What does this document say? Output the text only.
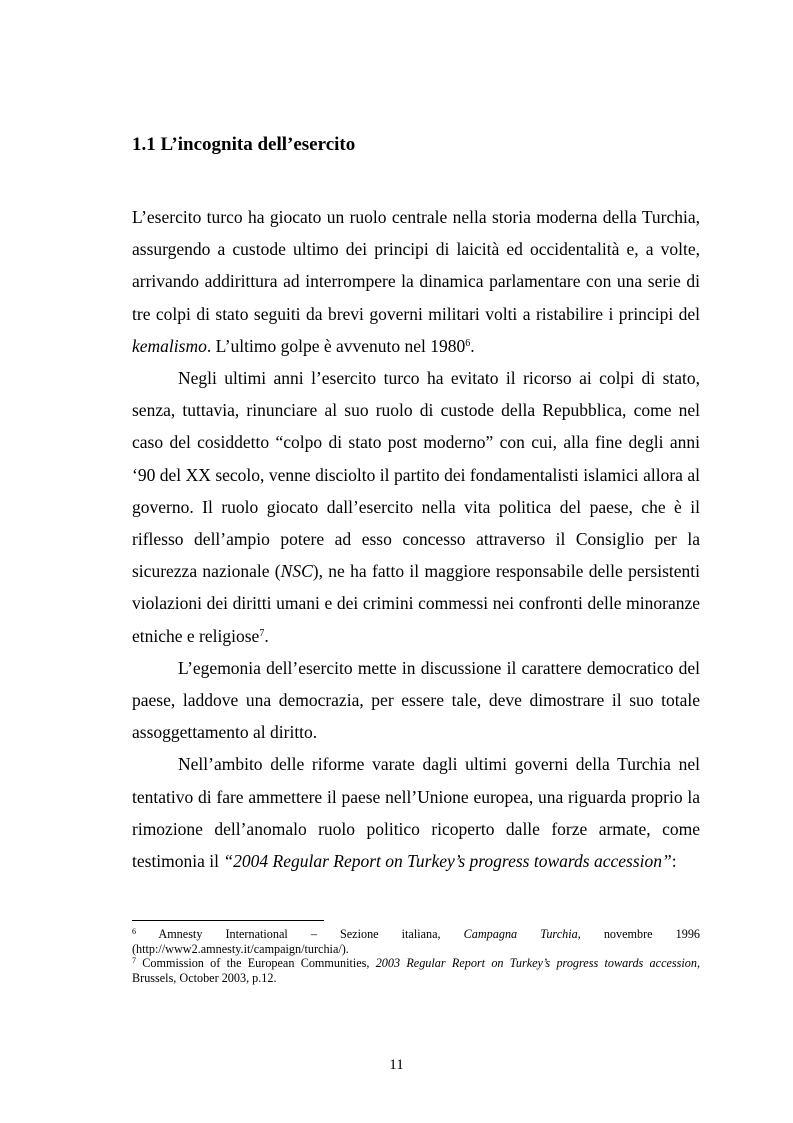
1.1 L’incognita dell’esercito

L’esercito turco ha giocato un ruolo centrale nella storia moderna della Turchia, assurgendo a custode ultimo dei principi di laicità ed occidentalità e, a volte, arrivando addirittura ad interrompere la dinamica parlamentare con una serie di tre colpi di stato seguiti da brevi governi militari volti a ristabilire i principi del kemalismo. L’ultimo golpe è avvenuto nel 1980$^6$.

Negli ultimi anni l’esercito turco ha evitato il ricorso ai colpi di stato, senza, tuttavia, rinunciare al suo ruolo di custode della Repubblica, come nel caso del cosiddetto “colpo di stato post moderno” con cui, alla fine degli anni ‘90 del XX secolo, venne disciolto il partito dei fondamentalisti islamici allora al governo. Il ruolo giocato dall’esercito nella vita politica del paese, che è il riflesso dell’ampio potere ad esso concesso attraverso il Consiglio per la sicurezza nazionale (NSC), ne ha fatto il maggiore responsabile delle persistenti violazioni dei diritti umani e dei crimini commessi nei confronti delle minoranze etniche e religiose$^7$.

L’egemonia dell’esercito mette in discussione il carattere democratico del paese, laddove una democrazia, per essere tale, deve dimostrare il suo totale assoggettamento al diritto.

Nell’ambito delle riforme varate dagli ultimi governi della Turchia nel tentativo di fare ammettere il paese nell’Unione europea, una riguarda proprio la rimozione dell’anomalo ruolo politico ricoperto dalle forze armate, come testimonia il “2004 Regular Report on Turkey’s progress towards accession”:

$^6$ Amnesty International – Sezione italiana, Campagna Turchia, novembre 1996 (http://www2.amnesty.it/campaign/turchia/).

$^7$ Commission of the European Communities, 2003 Regular Report on Turkey’s progress towards accession, Brussels, October 2003, p.12.

11
